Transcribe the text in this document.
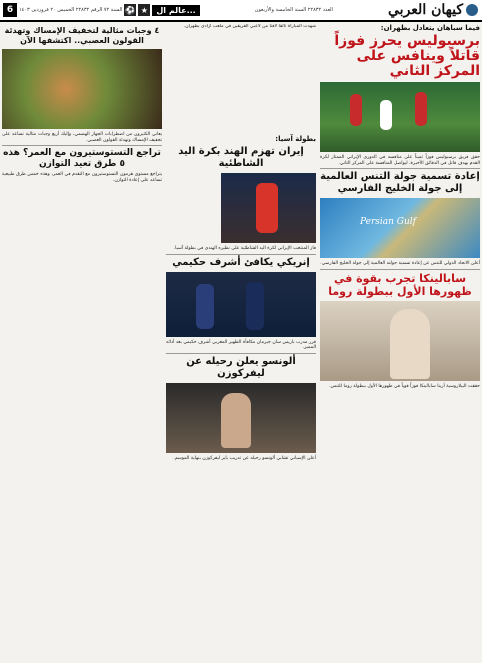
6	السنة ٧٢ الرقم ٢٢٨٣٢ الخميس ٢٠ فروردين ١٤٠٣ ⚽ ★	عالم ال...	العدد ٢٢٨٣٢ السنة الخامسة والأربعون	كيهان العربي
فيما سباهان يتعادل بطهران:
برسبوليس يحرز فوزاً قاتلاً وينافس على المركز الثاني

حقق فريق برسبوليس فوزاً ثميناً على منافسه في الدوري الإيراني الممتاز لكرة القدم بهدف قاتل في الدقائق الأخيرة، ليواصل المنافسة على المركز الثاني.

إعادة تسمية جولة التنس العالمية إلى جولة الخليج الفارسي
Persian Gulf

أعلن الاتحاد الدولي للتنس عن إعادة تسمية جولته العالمية إلى جولة الخليج الفارسي.

سابالينكا تجرب بقوة في ظهورها الأول ببطولة روما

حققت البيلاروسية أرينا سابالينكا فوزاً قوياً في ظهورها الأول ببطولة روما للتنس.

شهدت المباراة تألقاً لافتاً من لاعبي الفريقين في ملعب آزادي بطهران.

بطولة آسيا:
إيران تهزم الهند بكرة اليد الشاطئية

فاز المنتخب الإيراني لكرة اليد الشاطئية على نظيره الهندي في بطولة آسيا.

إنريكي يكافئ أشرف حكيمي

قرر مدرب باريس سان جيرمان مكافأة الظهير المغربي أشرف حكيمي بعد أدائه المميز.

ألونسو يعلن رحيله عن ليفركوزن

أعلن الإسباني تشابي ألونسو رحيله عن تدريب باير ليفركوزن بنهاية الموسم.

٤ وجبات مثالية لتخفيف الإمساك وتهدئة القولون العصبي.. اكتشفها الآن

يعاني الكثيرون من اضطرابات الجهاز الهضمي، وإليك أربع وجبات مثالية تساعد على تخفيف الإمساك وتهدئة القولون العصبي.

تراجع التستوستيرون مع العمر؟ هذه ٥ طرق تعيد التوازن

يتراجع مستوى هرمون التستوستيرون مع التقدم في العمر، وهذه خمس طرق طبيعية تساعد على إعادة التوازن.
